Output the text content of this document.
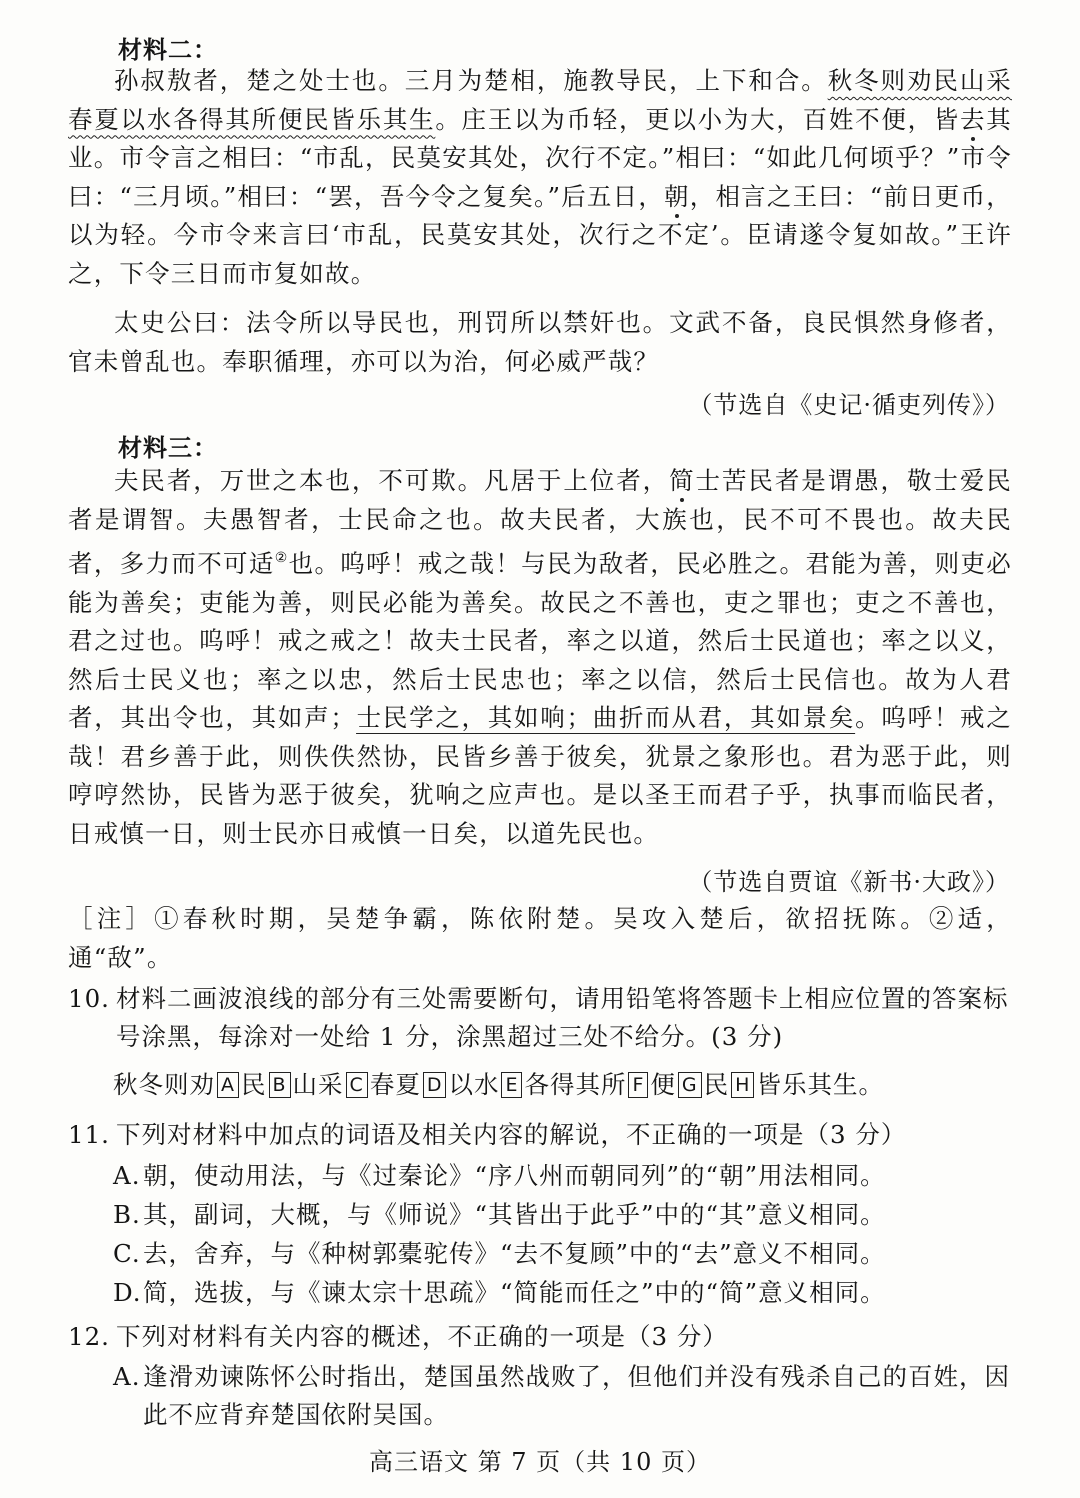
材料二：
孙叔敖者，楚之处士也。三月为楚相，施教导民，上下和合。秋冬则劝民山采春夏以水各得其所便民皆乐其生。庄王以为币轻，更以小为大，百姓不便，皆去其业。市令言之相曰：“市乱，民莫安其处，次行不定。”相曰：“如此几何顷乎？”市令曰：“三月顷。”相曰：“罢，吾今令之复矣。”后五日，朝，相言之王曰：“前日更币，以为轻。今市令来言曰‘市乱，民莫安其处，次行之不定’。臣请遂令复如故。”王许之，下令三日而市复如故。
太史公曰：法令所以导民也，刑罚所以禁奸也。文武不备，良民惧然身修者，官未曾乱也。奉职循理，亦可以为治，何必威严哉？
（节选自《史记·循吏列传》）
材料三：
夫民者，万世之本也，不可欺。凡居于上位者，简士苦民者是谓愚，敬士爱民者是谓智。夫愚智者，士民命之也。故夫民者，大族也，民不可不畏也。故夫民者，多力而不可适②也。呜呼！戒之哉！与民为敌者，民必胜之。君能为善，则吏必能为善矣；吏能为善，则民必能为善矣。故民之不善也，吏之罪也；吏之不善也，君之过也。呜呼！戒之戒之！故夫士民者，率之以道，然后士民道也；率之以义，然后士民义也；率之以忠，然后士民忠也；率之以信，然后士民信也。故为人君者，其出令也，其如声；士民学之，其如响；曲折而从君，其如景矣。呜呼！戒之哉！君乡善于此，则佚佚然协，民皆乡善于彼矣，犹景之象形也。君为恶于此，则哼哼然协，民皆为恶于彼矣，犹响之应声也。是以圣王而君子乎，执事而临民者，日戒慎一日，则士民亦日戒慎一日矣，以道先民也。
（节选自贾谊《新书·大政》）
［注］①春秋时期，吴楚争霸，陈依附楚。吴攻入楚后，欲招抚陈。②适，通“敌”。
10. 材料二画波浪线的部分有三处需要断句，请用铅笔将答题卡上相应位置的答案标号涂黑，每涂对一处给 1 分，涂黑超过三处不给分。(3 分)
秋冬则劝 A 民 B 山采 C 春夏 D 以水 E 各得其所 F 便 G 民 H 皆乐其生。
11. 下列对材料中加点的词语及相关内容的解说，不正确的一项是（3 分）
A. 朝，使动用法，与《过秦论》“序八州而朝同列”的“朝”用法相同。
B.其，副词，大概，与《师说》“其皆出于此乎”中的“其”意义相同。
C.去，舍弃，与《种树郭橐驼传》“去不复顾”中的“去”意义不相同。
D.简，选拔，与《谏太宗十思疏》“简能而任之”中的“简”意义相同。
12. 下列对材料有关内容的概述，不正确的一项是（3 分）
A. 逢滑劝谏陈怀公时指出，楚国虽然战败了，但他们并没有残杀自己的百姓，因此不应背弃楚国依附吴国。
高三语文 第 7 页（共 10 页）
